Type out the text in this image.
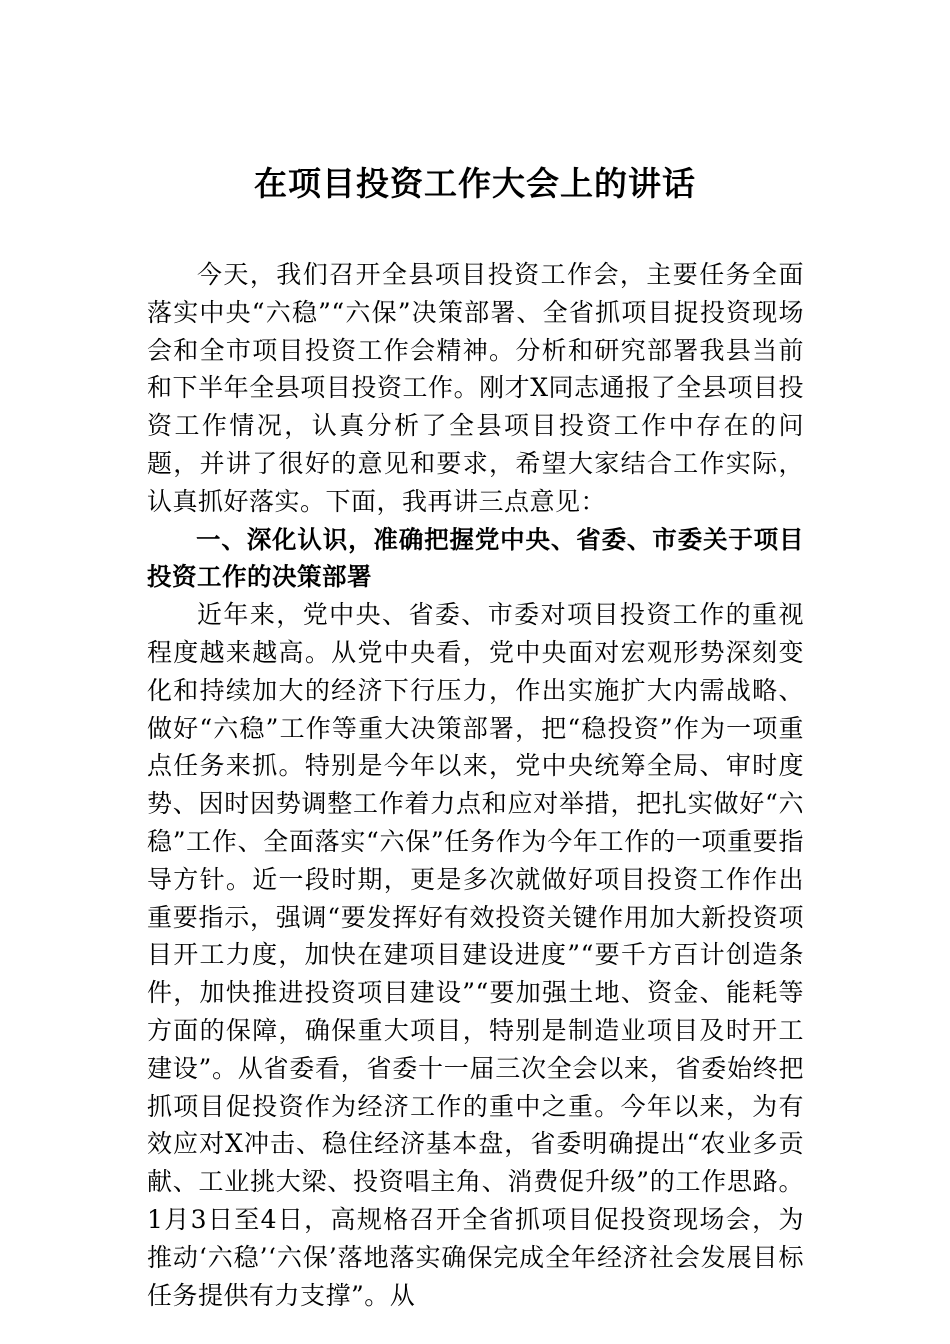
在项目投资工作大会上的讲话

今天，我们召开全县项目投资工作会，主要任务全面落实中央“六稳”“六保”决策部署、全省抓项目捉投资现场会和全市项目投资工作会精神。分析和研究部署我县当前和下半年全县项目投资工作。刚才X同志通报了全县项目投资工作情况，认真分析了全县项目投资工作中存在的问题，并讲了很好的意见和要求，希望大家结合工作实际，认真抓好落实。下面，我再讲三点意见：

一、深化认识，准确把握党中央、省委、市委关于项目投资工作的决策部署

近年来，党中央、省委、市委对项目投资工作的重视程度越来越高。从党中央看，党中央面对宏观形势深刻变化和持续加大的经济下行压力，作出实施扩大内需战略、做好“六稳”工作等重大决策部署，把“稳投资”作为一项重点任务来抓。特别是今年以来，党中央统筹全局、审时度势、因时因势调整工作着力点和应对举措，把扎实做好“六稳”工作、全面落实“六保”任务作为今年工作的一项重要指导方针。近一段时期，更是多次就做好项目投资工作作出重要指示，强调“要发挥好有效投资关键作用加大新投资项目开工力度，加快在建项目建设进度”“要千方百计创造条件，加快推进投资项目建设”“要加强土地、资金、能耗等方面的保障，确保重大项目，特别是制造业项目及时开工建设”。从省委看，省委十一届三次全会以来，省委始终把抓项目促投资作为经济工作的重中之重。今年以来，为有效应对X冲击、稳住经济基本盘，省委明确提出“农业多贡献、工业挑大梁、投资唱主角、消费促升级”的工作思路。1月3日至4日，高规格召开全省抓项目促投资现场会，为推动‘六稳’‘六保’落地落实确保完成全年经济社会发展目标任务提供有力支撑”。从
